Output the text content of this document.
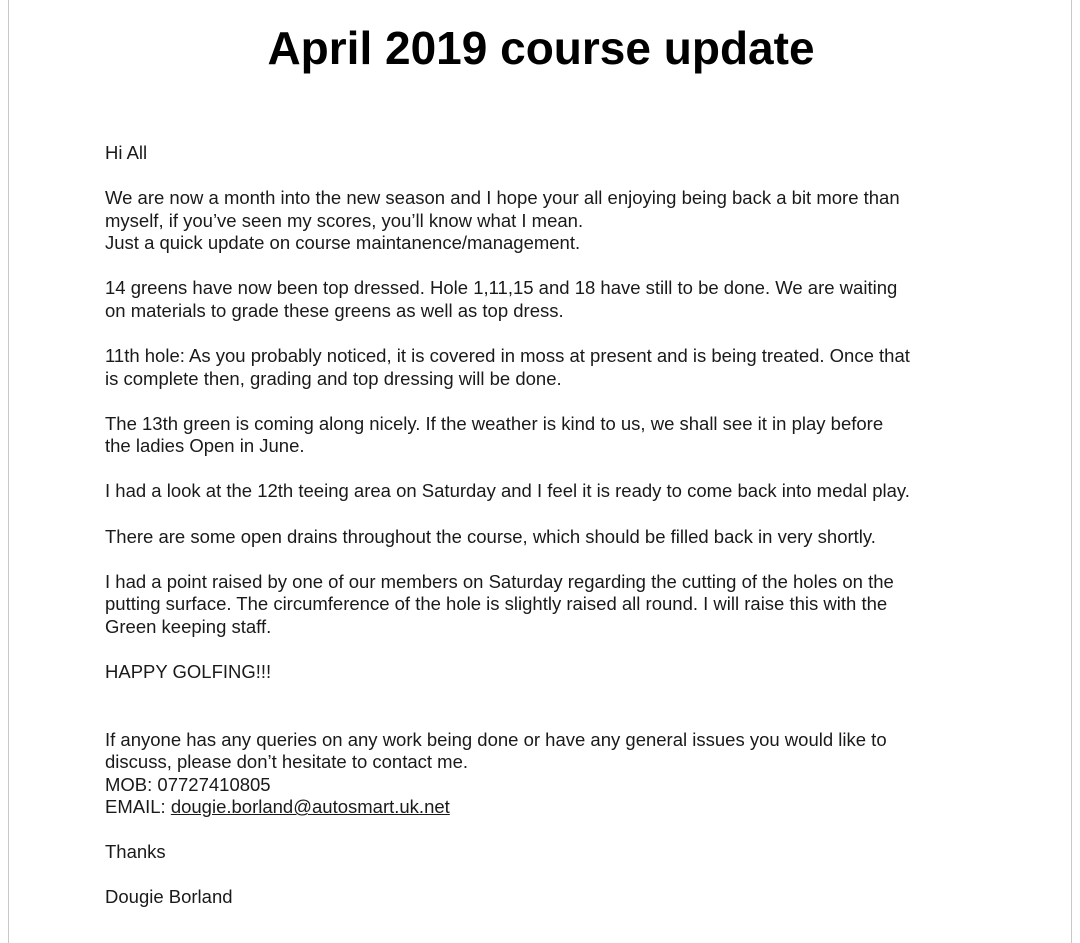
April 2019 course update

Hi All

We are now a month into the new season and I hope your all enjoying being back a bit more than
myself, if you’ve seen my scores, you’ll know what I mean.
Just a quick update on course maintanence/management.

14 greens have now been top dressed. Hole 1,11,15 and 18 have still to be done. We are waiting
on materials to grade these greens as well as top dress.

11th hole: As you probably noticed, it is covered in moss at present and is being treated. Once that
is complete then, grading and top dressing will be done.

The 13th green is coming along nicely. If the weather is kind to us, we shall see it in play before
the ladies Open in June.

I had a look at the 12th teeing area on Saturday and I feel it is ready to come back into medal play.

There are some open drains throughout the course, which should be filled back in very shortly.

I had a point raised by one of our members on Saturday regarding the cutting of the holes on the
putting surface. The circumference of the hole is slightly raised all round. I will raise this with the
Green keeping staff.

HAPPY GOLFING!!!

If anyone has any queries on any work being done or have any general issues you would like to
discuss, please don’t hesitate to contact me.
MOB: 07727410805
EMAIL: dougie.borland@autosmart.uk.net

Thanks

Dougie Borland
